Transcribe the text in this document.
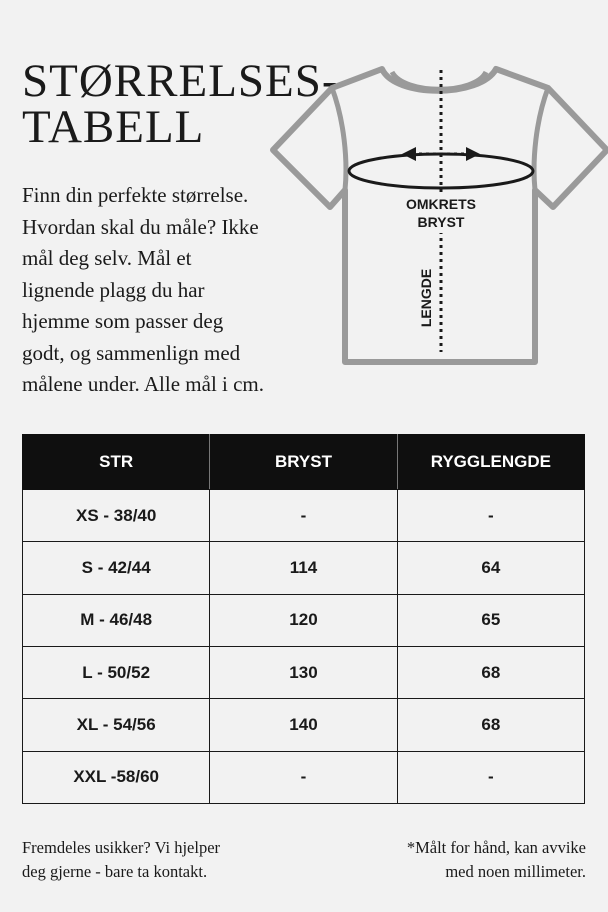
STØRRELSES-
TABELL
Finn din perfekte størrelse.
Hvordan skal du måle? Ikke
mål deg selv. Mål et
lignende plagg du har
hjemme som passer deg
godt, og sammenlign med
målene under. Alle mål i cm.
OMKRETS
BRYST
LENGDE
STR	BRYST	RYGGLENGDE
XS - 38/40	-	-
S - 42/44	114	64
M - 46/48	120	65
L - 50/52	130	68
XL - 54/56	140	68
XXL -58/60	-	-
Fremdeles usikker? Vi hjelper
deg gjerne - bare ta kontakt.
*Målt for hånd, kan avvike
med noen millimeter.
